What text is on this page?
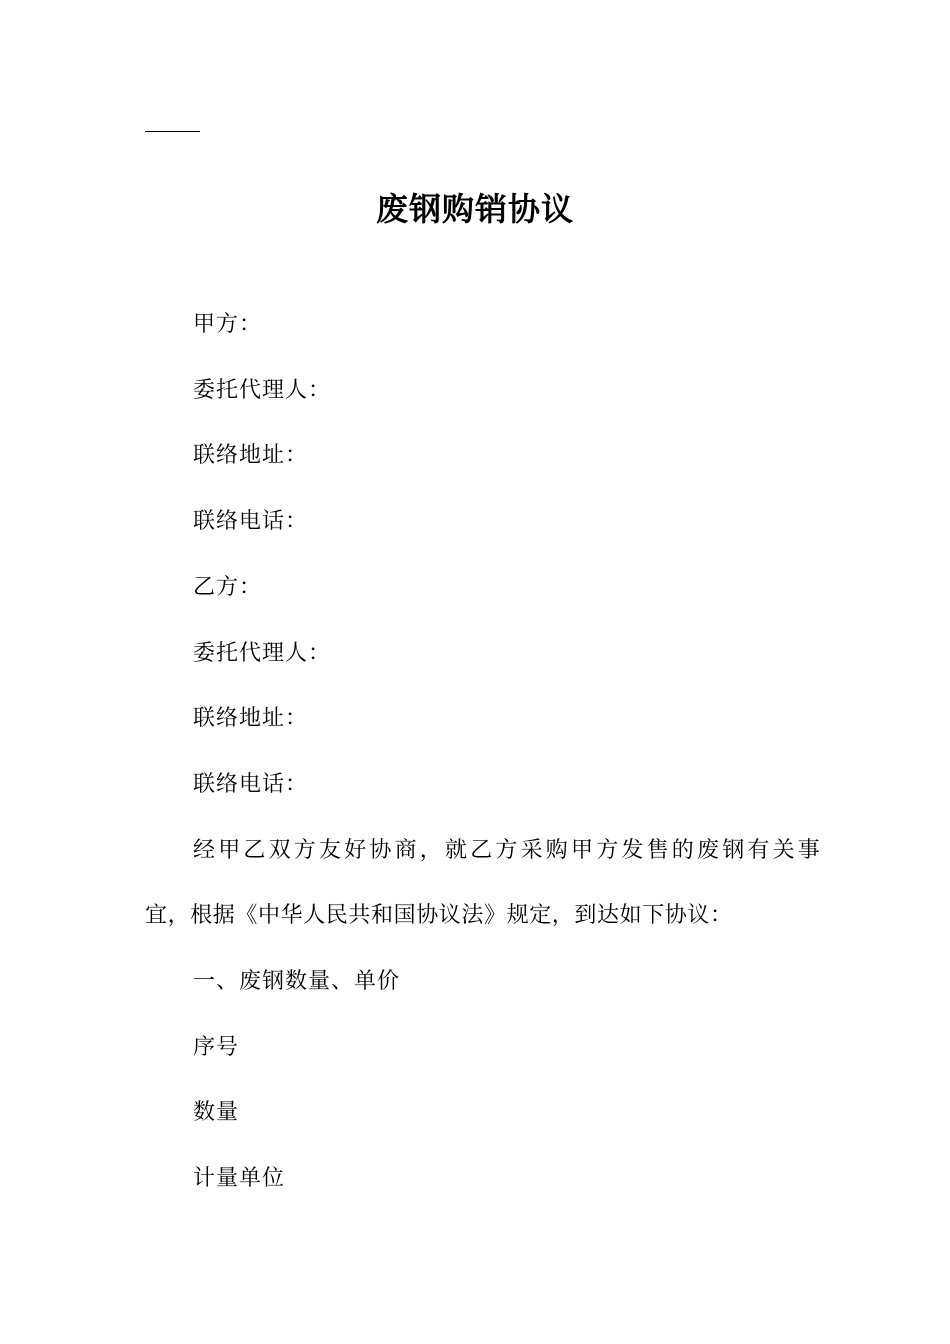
废钢购销协议
甲方：
委托代理人：
联络地址：
联络电话：
乙方：
委托代理人：
联络地址：
联络电话：
经甲乙双方友好协商，就乙方采购甲方发售的废钢有关事
宜，根据《中华人民共和国协议法》规定，到达如下协议：
一、废钢数量、单价
序号
数量
计量单位
